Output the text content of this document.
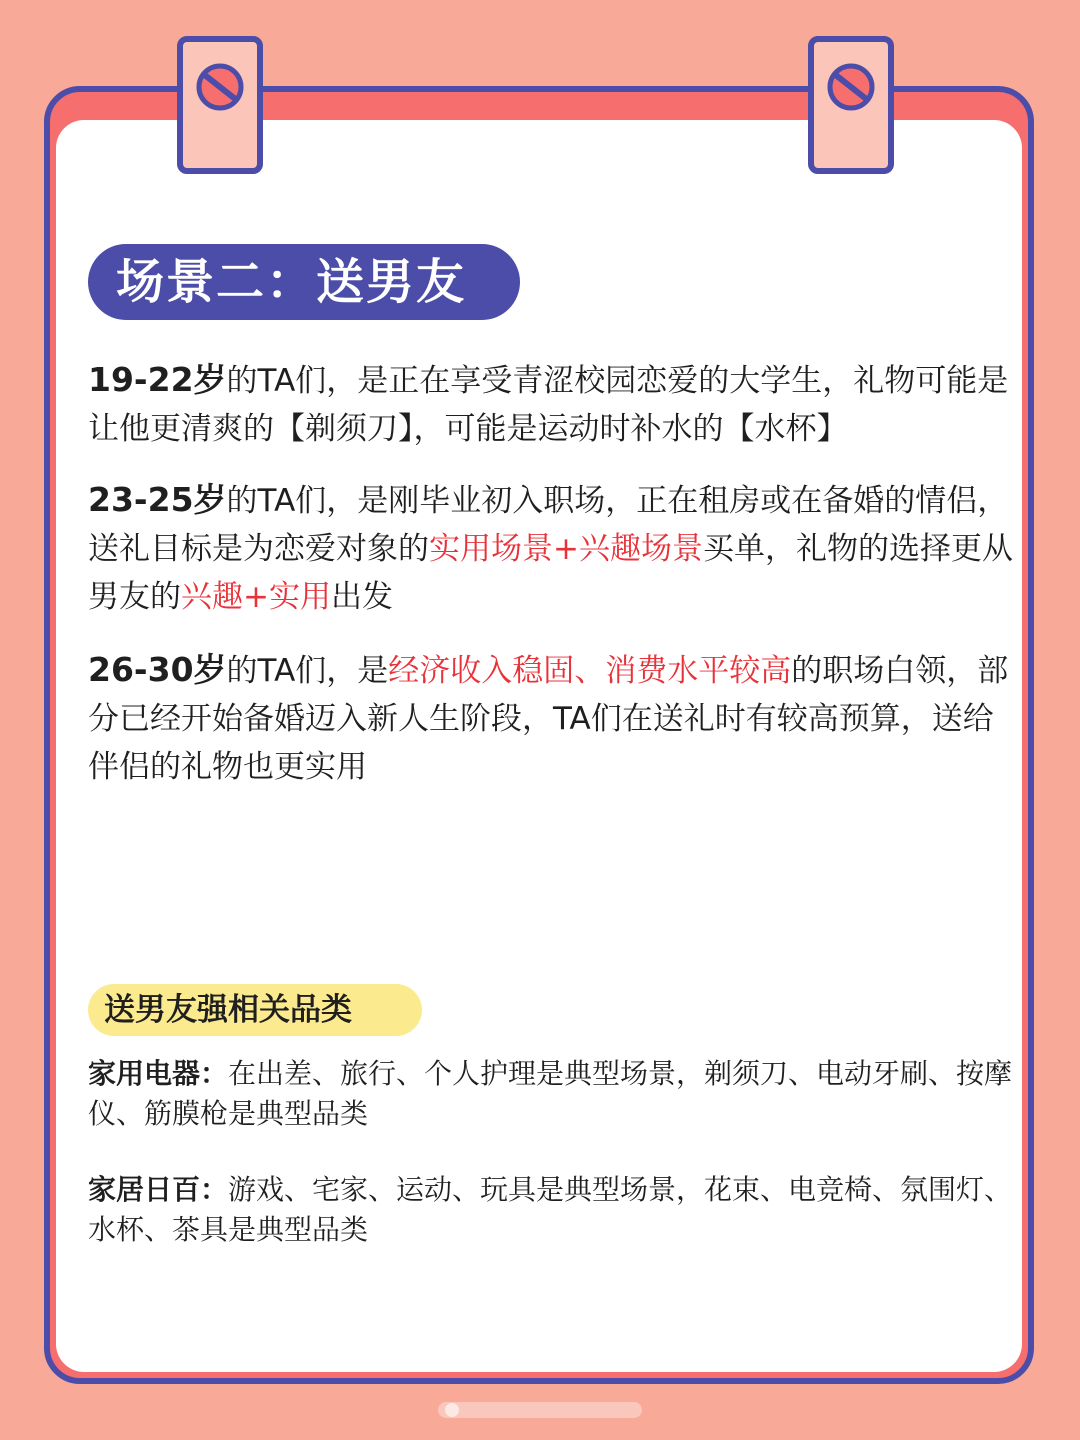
场景二：送男友
19-22岁的TA们，是正在享受青涩校园恋爱的大学生，礼物可能是让他更清爽的【剃须刀】，可能是运动时补水的【水杯】
23-25岁的TA们，是刚毕业初入职场，正在租房或在备婚的情侣，送礼目标是为恋爱对象的实用场景+兴趣场景买单，礼物的选择更从男友的兴趣+实用出发
26-30岁的TA们，是经济收入稳固、消费水平较高的职场白领，部分已经开始备婚迈入新人生阶段，TA们在送礼时有较高预算，送给伴侣的礼物也更实用
送男友强相关品类
家用电器：在出差、旅行、个人护理是典型场景，剃须刀、电动牙刷、按摩仪、筋膜枪是典型品类
家居日百：游戏、宅家、运动、玩具是典型场景，花束、电竞椅、氛围灯、水杯、茶具是典型品类
